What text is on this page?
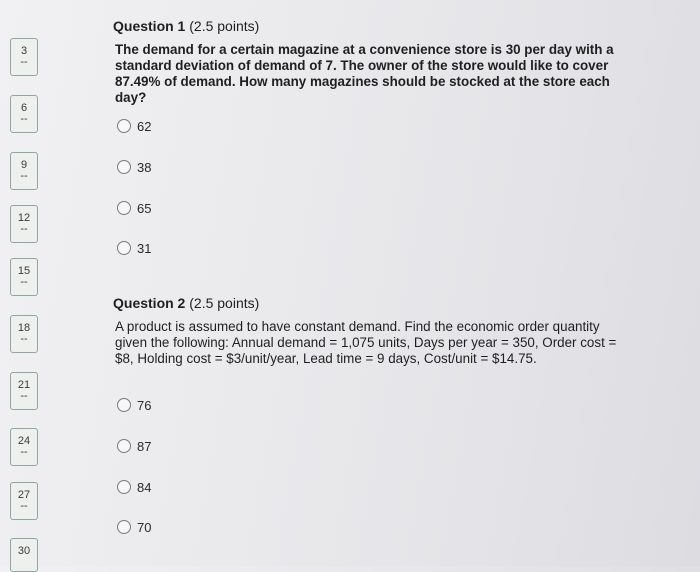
3
--
6
--
9
--
12
--
15
--
18
--
21
--
24
--
27
--
30

Question 1 (2.5 points)

The demand for a certain magazine at a convenience store is 30 per day with a standard deviation of demand of 7. The owner of the store would like to cover 87.49% of demand. How many magazines should be stocked at the store each day?

62
38
65
31

Question 2 (2.5 points)

A product is assumed to have constant demand. Find the economic order quantity given the following: Annual demand = 1,075 units, Days per year = 350, Order cost = $8, Holding cost = $3/unit/year, Lead time = 9 days, Cost/unit = $14.75.

76
87
84
70
